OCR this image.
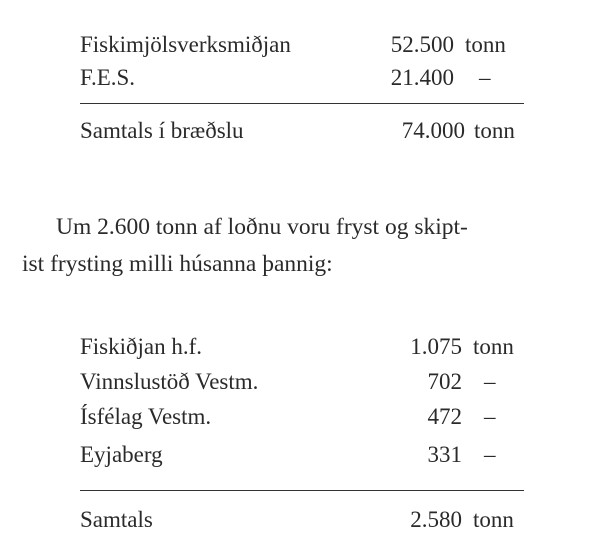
Fiskimjölsverksmiðjan	52.500 tonn
F.E.S.	21.400 –
Samtals í bræðslu	74.000 tonn
Um 2.600 tonn af loðnu voru fryst og skipt-
ist frysting milli húsanna þannig:
Fiskiðjan h.f.	1.075 tonn
Vinnslustöð Vestm.	702 –
Ísfélag Vestm.	472 –
Eyjaberg	331 –
Samtals	2.580 tonn
